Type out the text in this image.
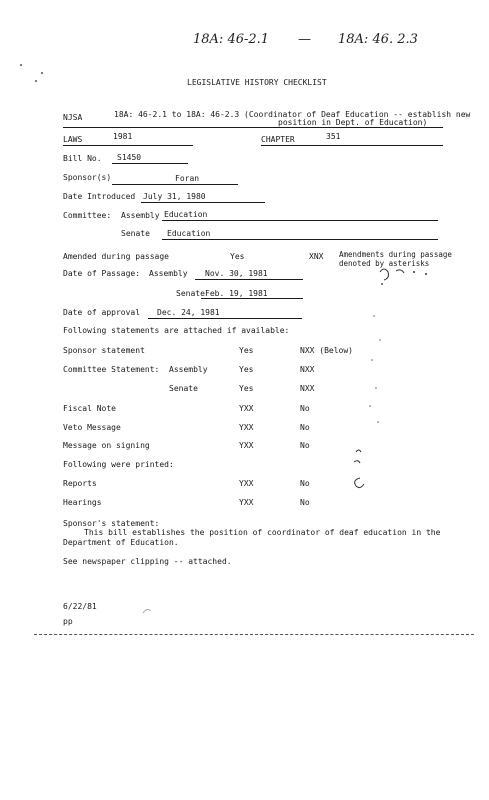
18A: 46-2.1 — 18A: 46. 2.3
LEGISLATIVE HISTORY CHECKLIST
NJSA	18A: 46-2.1 to 18A: 46-2.3 (Coordinator of Deaf Education -- establish new
position in Dept. of Education)
LAWS	1981	CHAPTER	351
Bill No. S1450
Sponsor(s)	Foran
Date Introduced July 31, 1980
Committee: Assembly Education
Senate Education
Amended during passage	Yes	XNX Amendments during passage
denoted by asterisks
Date of Passage: Assembly Nov. 30, 1981
Senate Feb. 19, 1981
Date of approval Dec. 24, 1981
Following statements are attached if available:
Sponsor statement	Yes	NXX (Below)
Committee Statement: Assembly	Yes	NXX
Senate	Yes	NXX
Fiscal Note	YXX	No
Veto Message	YXX	No
Message on signing	YXX	No
Following were printed:
Reports	YXX	No
Hearings	YXX	No
Sponsor's statement:
This bill establishes the position of coordinator of deaf education in the
Department of Education.
See newspaper clipping -- attached.
6/22/81
pp
